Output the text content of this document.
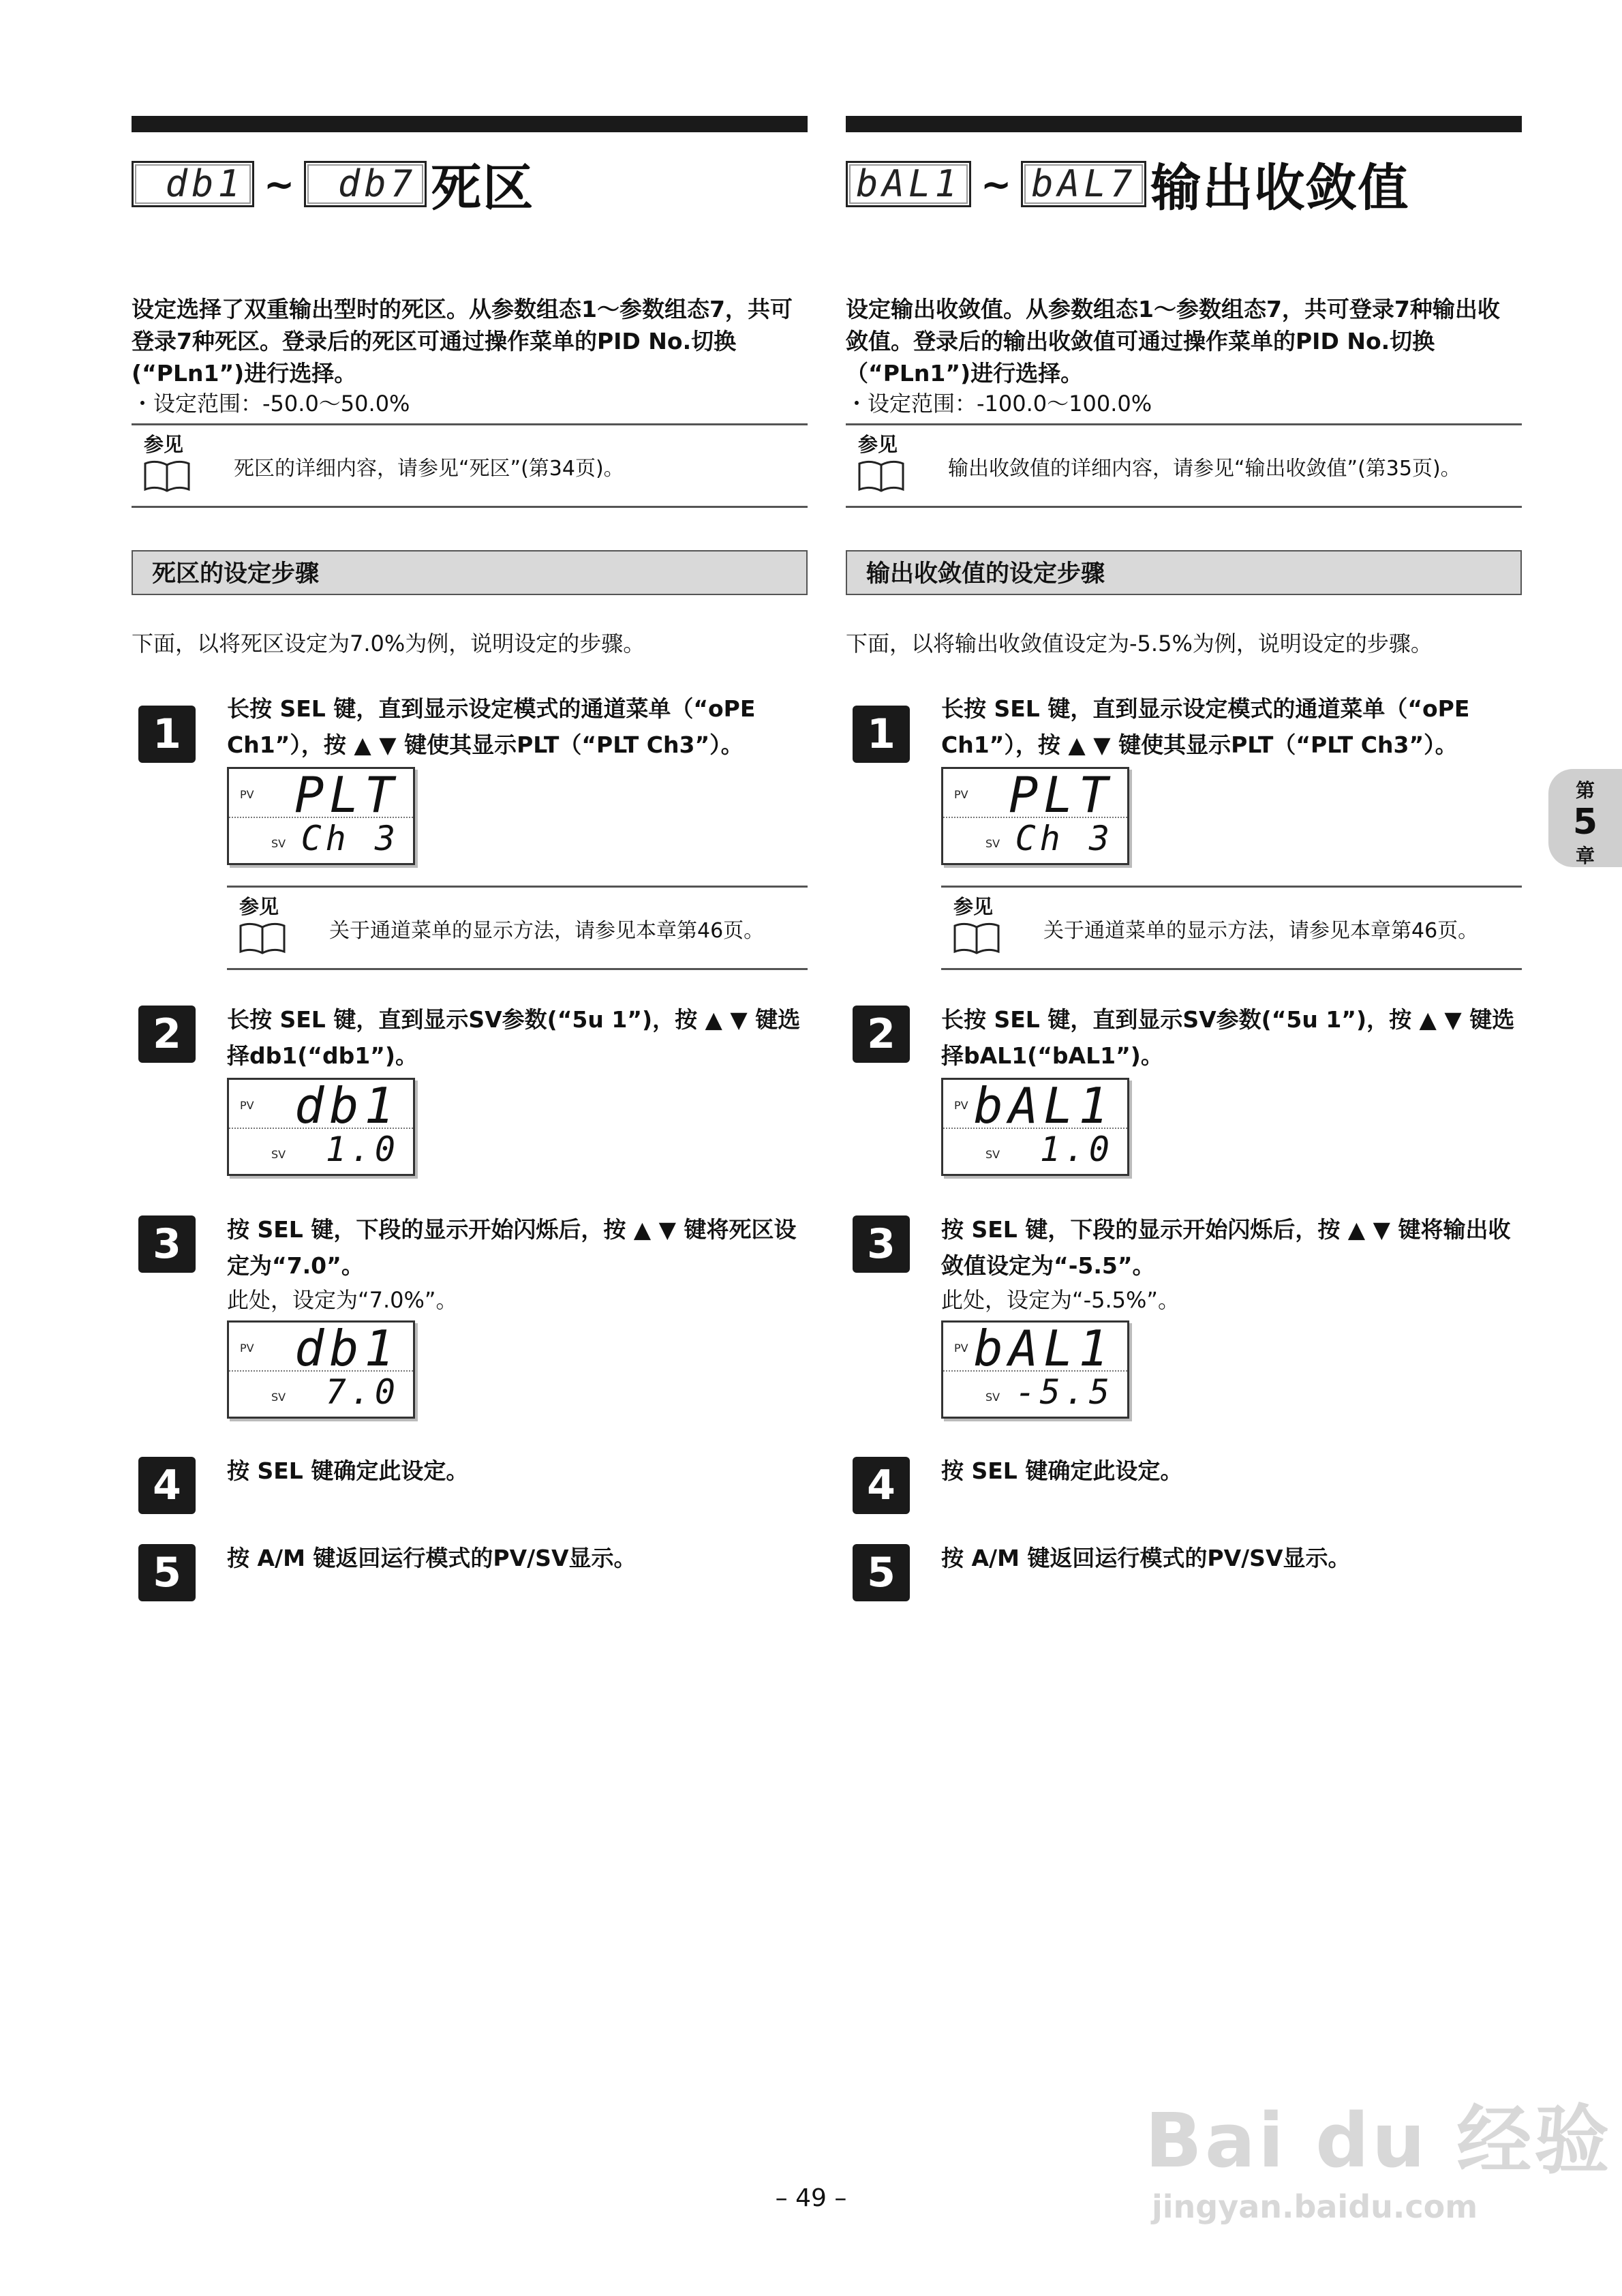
db1 ~	db7 死区
设定选择了双重输出型时的死区。从参数组态1～参数组态7，共可登录7种死区。登录后的死区可通过操作菜单的PID No.切换(“PLn1”)进行选择。
・设定范围：-50.0～50.0%
参见
死区的详细内容，请参见“死区”(第34页)。
死区的设定步骤
下面，以将死区设定为7.0%为例，说明设定的步骤。
1
长按 SEL 键，直到显示设定模式的通道菜单（“oPE Ch1”），按 ▲ ▼ 键使其显示PLT（“PLT Ch3”）。
PV PLT
SV Ch 3
参见
关于通道菜单的显示方法，请参见本章第46页。
2	长按 SEL 键，直到显示SV参数(“5u 1”)，按 ▲ ▼ 键选择db1(“db1”)。
PV db1
SV 1.0
3	按 SEL 键，下段的显示开始闪烁后，按 ▲ ▼ 键将死区设定为“7.0”。
此处，设定为“7.0%”。
PV db1
SV 7.0
4	按 SEL 键确定此设定。
5	按 A/M 键返回运行模式的PV/SV显示。
bAL1 ~ bAL7 输出收敛值
设定输出收敛值。从参数组态1～参数组态7，共可登录7种输出收敛值。登录后的输出收敛值可通过操作菜单的PID No.切换（“PLn1”)进行选择。
・设定范围：-100.0～100.0%
参见
输出收敛值的详细内容，请参见“输出收敛值”(第35页)。
输出收敛值的设定步骤
下面，以将输出收敛值设定为-5.5%为例，说明设定的步骤。
1
长按 SEL 键，直到显示设定模式的通道菜单（“oPE Ch1”），按 ▲ ▼ 键使其显示PLT（“PLT Ch3”）。
PV PLT
SV Ch 3
参见
关于通道菜单的显示方法，请参见本章第46页。
2	长按 SEL 键，直到显示SV参数(“5u 1”)，按 ▲ ▼ 键选择bAL1(“bAL1”)。
PV bAL1
SV 1.0
3	按 SEL 键，下段的显示开始闪烁后，按 ▲ ▼ 键将输出收敛值设定为“-5.5”。
此处，设定为“-5.5%”。
PV bAL1
SV -5.5
4	按 SEL 键确定此设定。
5	按 A/M 键返回运行模式的PV/SV显示。
第
5
章
Bai du 经验
jingyan.baidu.com
– 49 –
